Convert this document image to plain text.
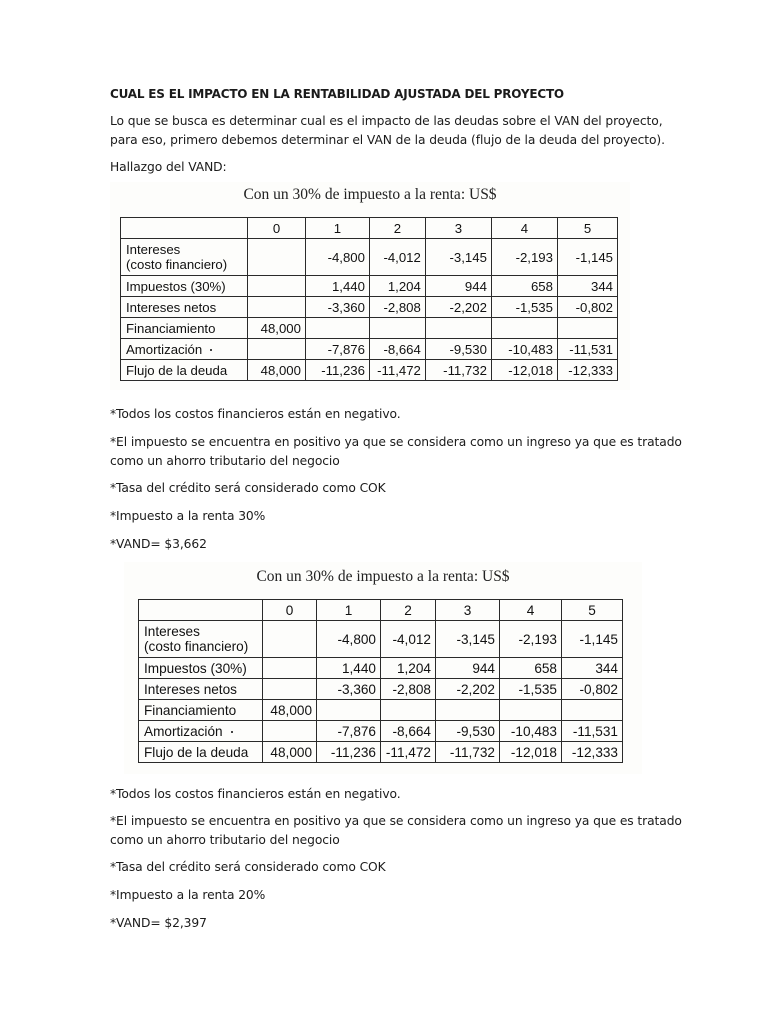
CUAL ES EL IMPACTO EN LA RENTABILIDAD AJUSTADA DEL PROYECTO
Lo que se busca es determinar cual es el impacto de las deudas sobre el VAN del proyecto,
para eso, primero debemos determinar el VAN de la deuda (flujo de la deuda del proyecto).
Hallazgo del VAND:
Con un 30% de impuesto a la renta: US$
	0	1	2	3	4	5
Intereses
(costo financiero)		-4,800	-4,012	-3,145	-2,193	-1,145
Impuestos (30%)		1,440	1,204	944	658	344
Intereses netos		-3,360	-2,808	-2,202	-1,535	-0,802
Financiamiento	48,000					
Amortización		-7,876	-8,664	-9,530	-10,483	-11,531
Flujo de la deuda	48,000	-11,236	-11,472	-11,732	-12,018	-12,333
*Todos los costos financieros están en negativo.
*El impuesto se encuentra en positivo ya que se considera como un ingreso ya que es tratado
como un ahorro tributario del negocio
*Tasa del crédito será considerado como COK
*Impuesto a la renta 30%
*VAND= $3,662
Con un 30% de impuesto a la renta: US$
	0	1	2	3	4	5
Intereses
(costo financiero)		-4,800	-4,012	-3,145	-2,193	-1,145
Impuestos (30%)		1,440	1,204	944	658	344
Intereses netos		-3,360	-2,808	-2,202	-1,535	-0,802
Financiamiento	48,000					
Amortización		-7,876	-8,664	-9,530	-10,483	-11,531
Flujo de la deuda	48,000	-11,236	-11,472	-11,732	-12,018	-12,333
*Todos los costos financieros están en negativo.
*El impuesto se encuentra en positivo ya que se considera como un ingreso ya que es tratado
como un ahorro tributario del negocio
*Tasa del crédito será considerado como COK
*Impuesto a la renta 20%
*VAND= $2,397
